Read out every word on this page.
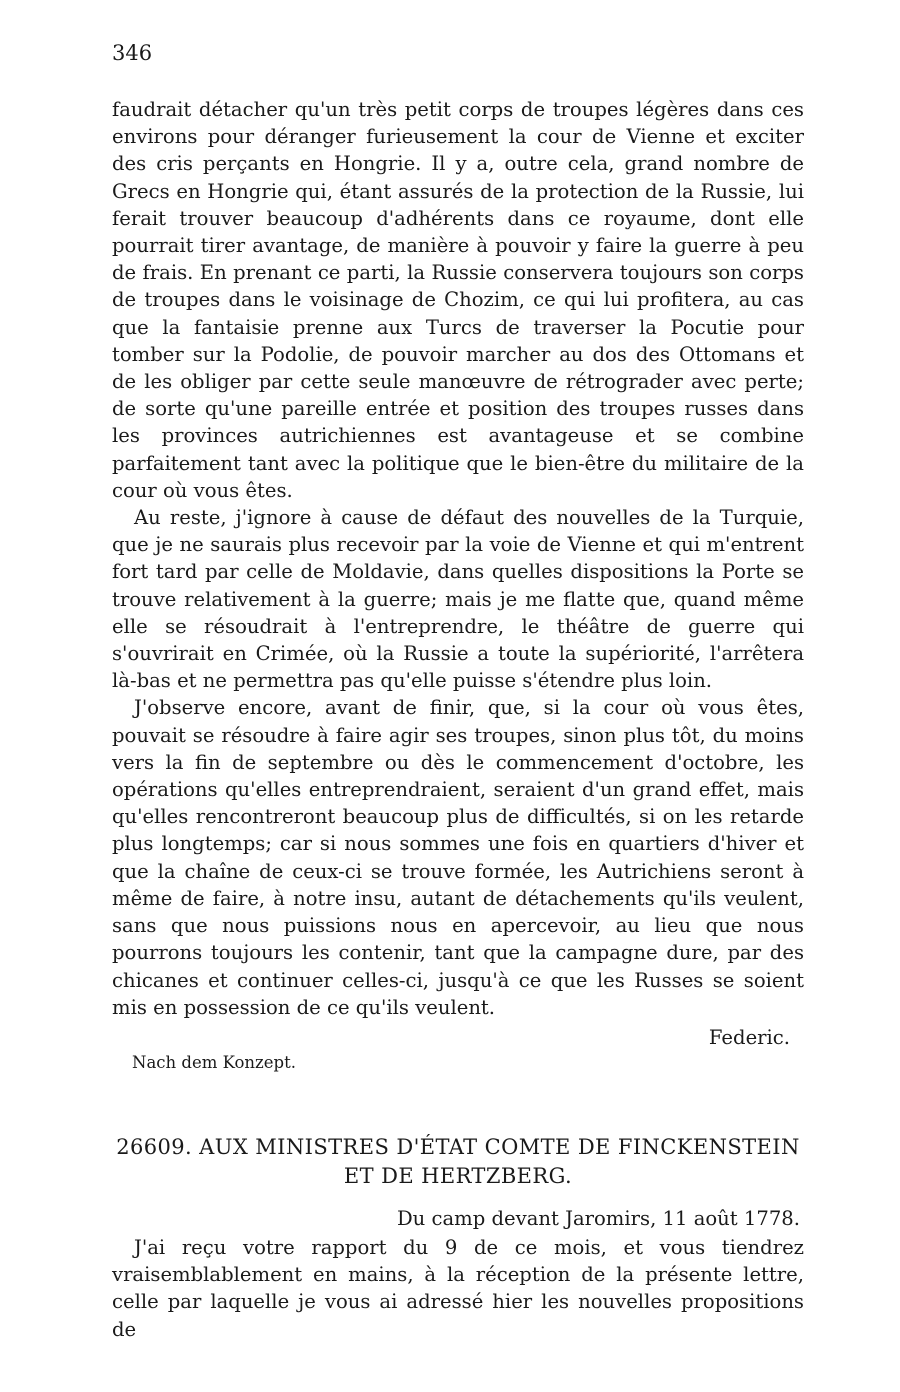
346

faudrait détacher qu'un très petit corps de troupes légères dans ces environs pour déranger furieusement la cour de Vienne et exciter des cris perçants en Hongrie. Il y a, outre cela, grand nombre de Grecs en Hongrie qui, étant assurés de la protection de la Russie, lui ferait trouver beaucoup d'adhérents dans ce royaume, dont elle pourrait tirer avantage, de manière à pouvoir y faire la guerre à peu de frais. En prenant ce parti, la Russie conservera toujours son corps de troupes dans le voisinage de Chozim, ce qui lui profitera, au cas que la fantaisie prenne aux Turcs de traverser la Pocutie pour tomber sur la Podolie, de pouvoir marcher au dos des Ottomans et de les obliger par cette seule manœuvre de rétrograder avec perte; de sorte qu'une pareille entrée et position des troupes russes dans les provinces autrichiennes est avantageuse et se combine parfaitement tant avec la politique que le bien-être du militaire de la cour où vous êtes.

Au reste, j'ignore à cause de défaut des nouvelles de la Turquie, que je ne saurais plus recevoir par la voie de Vienne et qui m'entrent fort tard par celle de Moldavie, dans quelles dispositions la Porte se trouve relativement à la guerre; mais je me flatte que, quand même elle se résoudrait à l'entreprendre, le théâtre de guerre qui s'ouvrirait en Crimée, où la Russie a toute la supériorité, l'arrêtera là-bas et ne permettra pas qu'elle puisse s'étendre plus loin.

J'observe encore, avant de finir, que, si la cour où vous êtes, pouvait se résoudre à faire agir ses troupes, sinon plus tôt, du moins vers la fin de septembre ou dès le commencement d'octobre, les opérations qu'elles entreprendraient, seraient d'un grand effet, mais qu'elles rencontreront beaucoup plus de difficultés, si on les retarde plus longtemps; car si nous sommes une fois en quartiers d'hiver et que la chaîne de ceux-ci se trouve formée, les Autrichiens seront à même de faire, à notre insu, autant de détachements qu'ils veulent, sans que nous puissions nous en apercevoir, au lieu que nous pourrons toujours les contenir, tant que la campagne dure, par des chicanes et continuer celles-ci, jusqu'à ce que les Russes se soient mis en possession de ce qu'ils veulent.

Federic.
Nach dem Konzept.
26609. AUX MINISTRES D'ÉTAT COMTE DE FINCKENSTEIN
ET DE HERTZBERG.
Du camp devant Jaromirs, 11 août 1778.

J'ai reçu votre rapport du 9 de ce mois, et vous tiendrez vraisemblablement en mains, à la réception de la présente lettre, celle par laquelle je vous ai adressé hier les nouvelles propositions de
